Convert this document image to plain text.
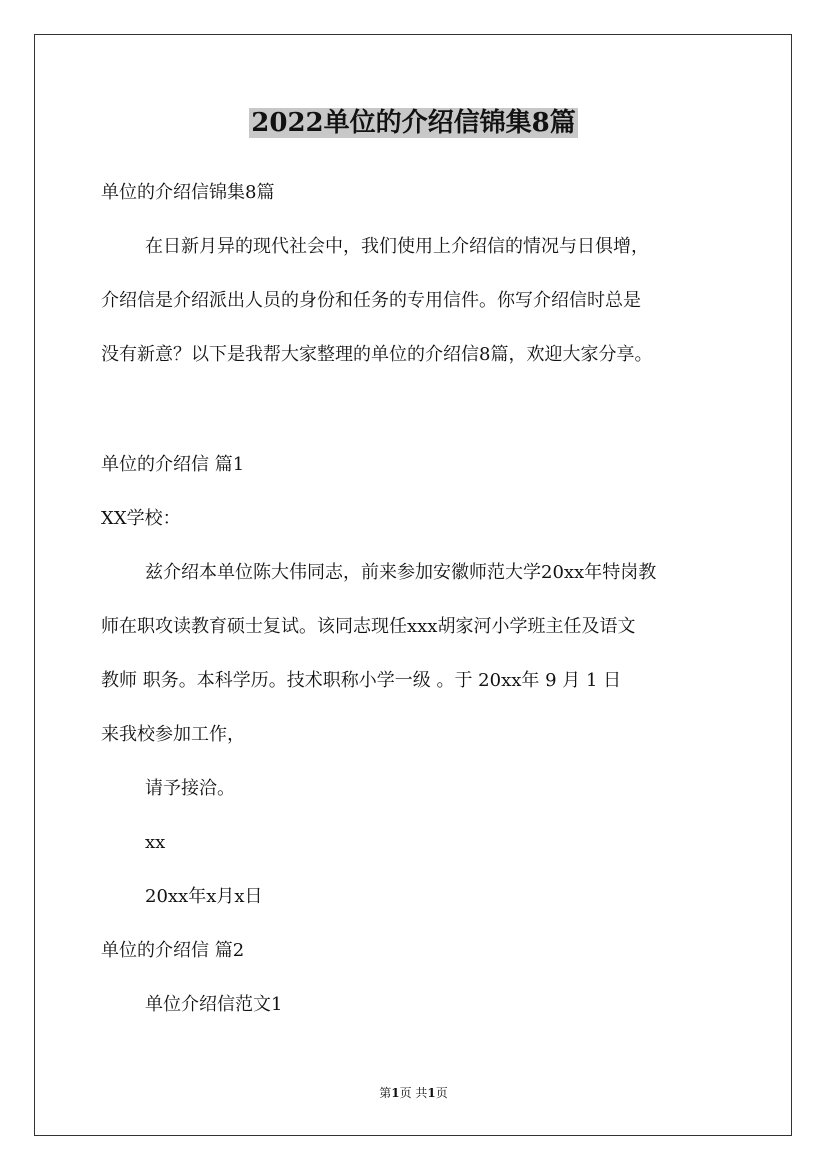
2022单位的介绍信锦集8篇
单位的介绍信锦集8篇
在日新月异的现代社会中，我们使用上介绍信的情况与日俱增，
介绍信是介绍派出人员的身份和任务的专用信件。你写介绍信时总是
没有新意？以下是我帮大家整理的单位的介绍信8篇，欢迎大家分享。
单位的介绍信 篇1
XX学校：
兹介绍本单位陈大伟同志，前来参加安徽师范大学20xx年特岗教
师在职攻读教育硕士复试。该同志现任xxx胡家河小学班主任及语文
教师 职务。本科学历。技术职称小学一级 。于 20xx年 9 月 1 日
来我校参加工作，
请予接洽。
xx
20xx年x月x日
单位的介绍信 篇2
单位介绍信范文1
第1页 共1页
